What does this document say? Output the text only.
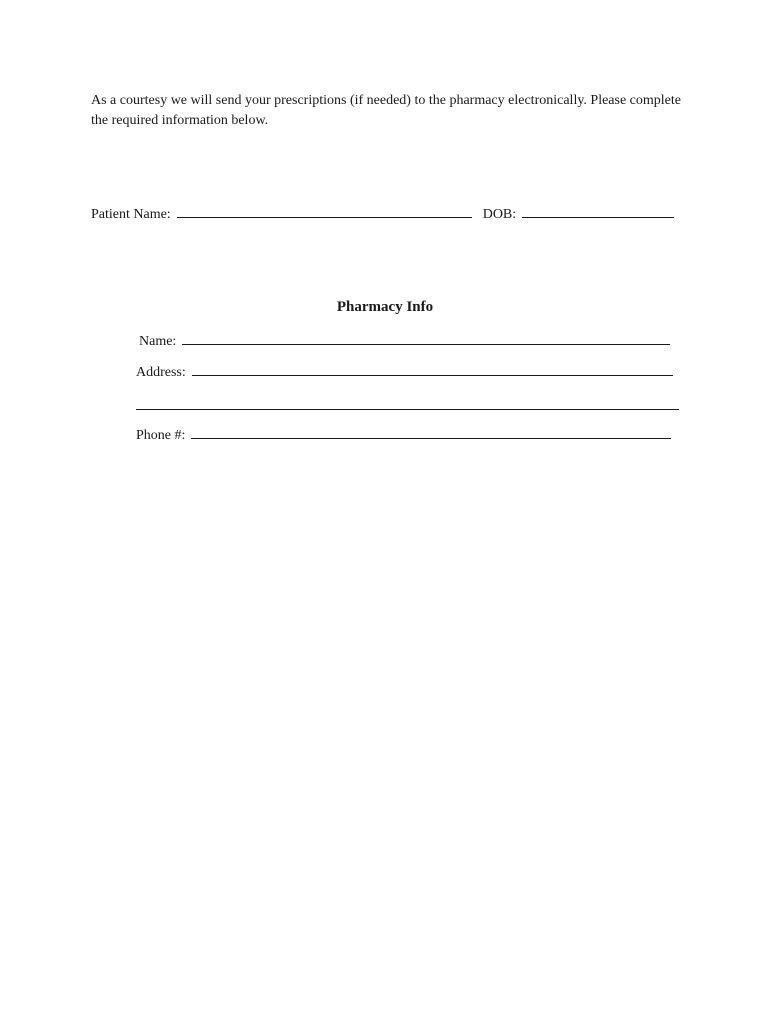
As a courtesy we will send your prescriptions (if needed) to the pharmacy electronically. Please complete the required information below.

Patient Name:	DOB:
Pharmacy Info
Name:
Address:
Phone #:
